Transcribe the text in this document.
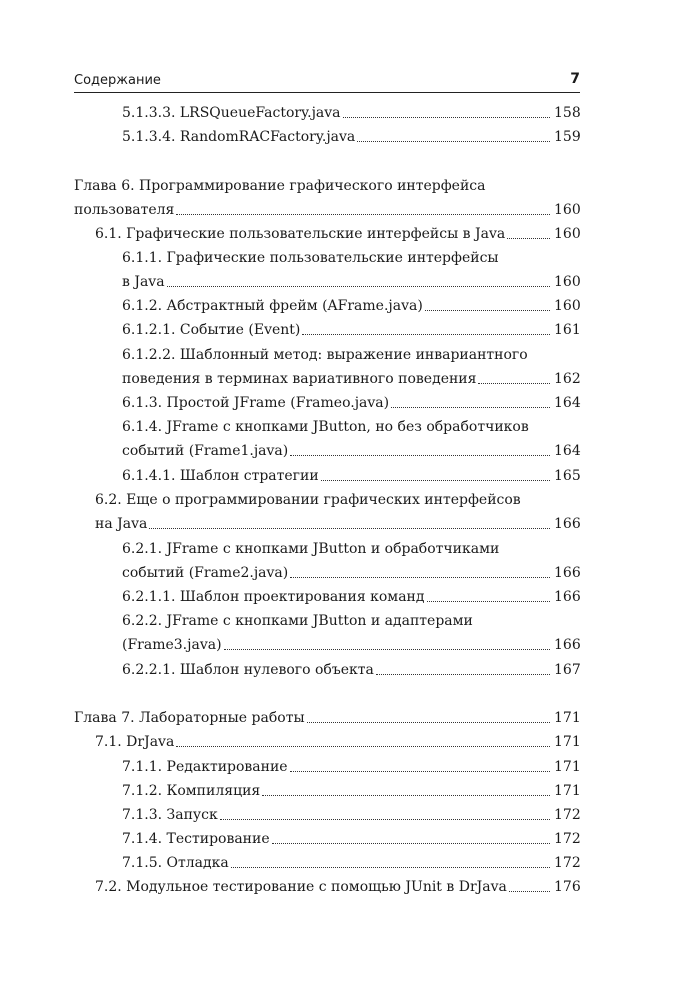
Содержание	7
5.1.3.3. LRSQueueFactory.java	158
5.1.3.4. RandomRACFactory.java	159
Глава 6. Программирование графического интерфейса
пользователя	160
6.1. Графические пользовательские интерфейсы в Java	160
6.1.1. Графические пользовательские интерфейсы
в Java	160
6.1.2. Абстрактный фрейм (AFrame.java)	160
6.1.2.1. Событие (Event)	161
6.1.2.2. Шаблонный метод: выражение инвариантного
поведения в терминах вариативного поведения	162
6.1.3. Простой JFrame (Frameo.java)	164
6.1.4. JFrame с кнопками JButton, но без обработчиков
событий (Frame1.java)	164
6.1.4.1. Шаблон стратегии	165
6.2. Еще о программировании графических интерфейсов
на Java	166
6.2.1. JFrame с кнопками JButton и обработчиками
событий (Frame2.java)	166
6.2.1.1. Шаблон проектирования команд	166
6.2.2. JFrame с кнопками JButton и адаптерами
(Frame3.java)	166
6.2.2.1. Шаблон нулевого объекта	167
Глава 7. Лабораторные работы	171
7.1. DrJava	171
7.1.1. Редактирование	171
7.1.2. Компиляция	171
7.1.3. Запуск	172
7.1.4. Тестирование	172
7.1.5. Отладка	172
7.2. Модульное тестирование с помощью JUnit в DrJava	176
